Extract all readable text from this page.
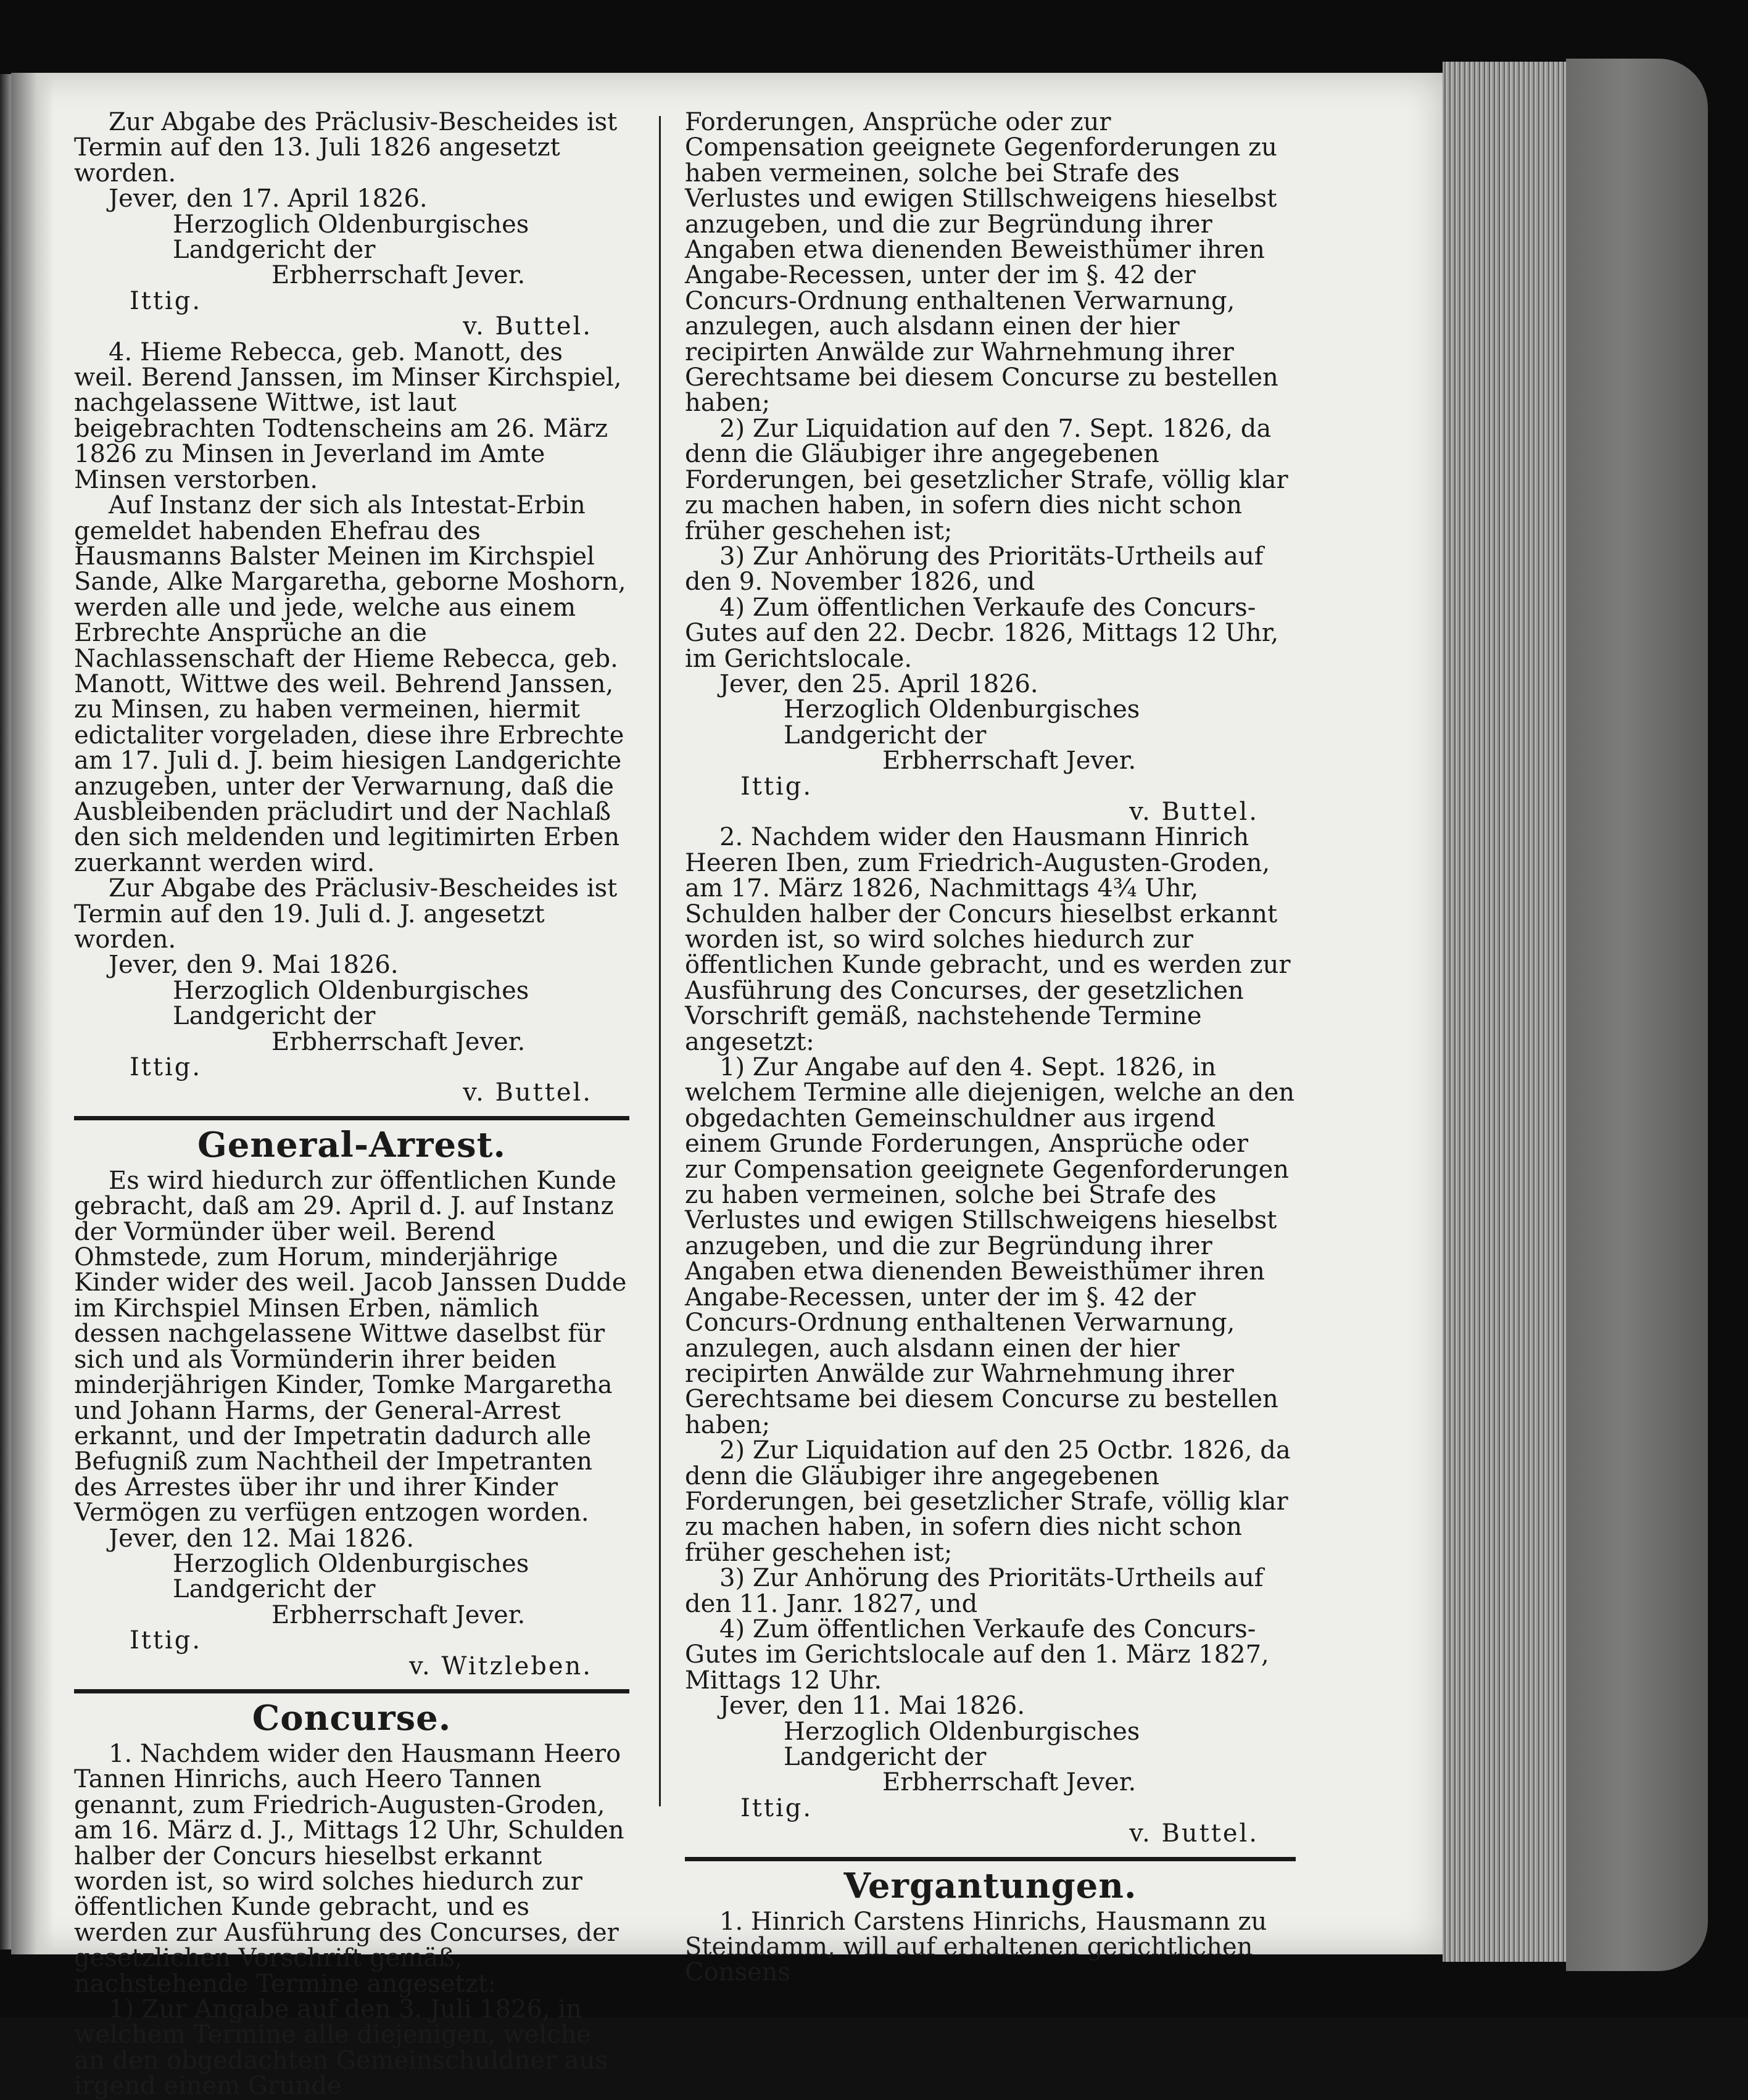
Zur Abgabe des Präclusiv-Bescheides ist Termin auf den 13. Juli 1826 angesetzt worden.

Jever, den 17. April 1826.

Herzoglich Oldenburgisches Landgericht der

Erbherrschaft Jever.

Ittig.

v. Buttel.

4. Hieme Rebecca, geb. Manott, des weil. Berend Janssen, im Minser Kirchspiel, nachgelassene Wittwe, ist laut beigebrachten Todtenscheins am 26. März 1826 zu Minsen in Jeverland im Amte Minsen verstorben.

Auf Instanz der sich als Intestat-Erbin gemeldet habenden Ehefrau des Hausmanns Balster Meinen im Kirchspiel Sande, Alke Margaretha, geborne Moshorn, werden alle und jede, welche aus einem Erbrechte Ansprüche an die Nachlassenschaft der Hieme Rebecca, geb. Manott, Wittwe des weil. Behrend Janssen, zu Minsen, zu haben vermeinen, hiermit edictaliter vorgeladen, diese ihre Erbrechte am 17. Juli d. J. beim hiesigen Landgerichte anzugeben, unter der Verwarnung, daß die Ausbleibenden präcludirt und der Nachlaß den sich meldenden und legitimirten Erben zuerkannt werden wird.

Zur Abgabe des Präclusiv-Bescheides ist Termin auf den 19. Juli d. J. angesetzt worden.

Jever, den 9. Mai 1826.

Herzoglich Oldenburgisches Landgericht der

Erbherrschaft Jever.

Ittig.

v. Buttel.

General-Arrest.

Es wird hiedurch zur öffentlichen Kunde gebracht, daß am 29. April d. J. auf Instanz der Vormünder über weil. Berend Ohmstede, zum Horum, minderjährige Kinder wider des weil. Jacob Janssen Dudde im Kirchspiel Minsen Erben, nämlich dessen nachgelassene Wittwe daselbst für sich und als Vormünderin ihrer beiden minderjährigen Kinder, Tomke Margaretha und Johann Harms, der General-Arrest erkannt, und der Impetratin dadurch alle Befugniß zum Nachtheil der Impetranten des Arrestes über ihr und ihrer Kinder Vermögen zu verfügen entzogen worden.

Jever, den 12. Mai 1826.

Herzoglich Oldenburgisches Landgericht der

Erbherrschaft Jever.

Ittig.

v. Witzleben.

Concurse.

1. Nachdem wider den Hausmann Heero Tannen Hinrichs, auch Heero Tannen genannt, zum Friedrich-Augusten-Groden, am 16. März d. J., Mittags 12 Uhr, Schulden halber der Concurs hieselbst erkannt worden ist, so wird solches hiedurch zur öffentlichen Kunde gebracht, und es werden zur Ausführung des Concurses, der gesetzlichen Vorschrift gemäß, nachstehende Termine angesetzt:

1) Zur Angabe auf den 3. Juli 1826, in welchem Termine alle diejenigen, welche an den obgedachten Gemeinschuldner aus irgend einem Grunde

Forderungen, Ansprüche oder zur Compensation geeignete Gegenforderungen zu haben vermeinen, solche bei Strafe des Verlustes und ewigen Stillschweigens hieselbst anzugeben, und die zur Begründung ihrer Angaben etwa dienenden Beweisthümer ihren Angabe-Recessen, unter der im §. 42 der Concurs-Ordnung enthaltenen Verwarnung, anzulegen, auch alsdann einen der hier recipirten Anwälde zur Wahrnehmung ihrer Gerechtsame bei diesem Concurse zu bestellen haben;

2) Zur Liquidation auf den 7. Sept. 1826, da denn die Gläubiger ihre angegebenen Forderungen, bei gesetzlicher Strafe, völlig klar zu machen haben, in sofern dies nicht schon früher geschehen ist;

3) Zur Anhörung des Prioritäts-Urtheils auf den 9. November 1826, und

4) Zum öffentlichen Verkaufe des Concurs-Gutes auf den 22. Decbr. 1826, Mittags 12 Uhr, im Gerichtslocale.

Jever, den 25. April 1826.

Herzoglich Oldenburgisches Landgericht der

Erbherrschaft Jever.

Ittig.

v. Buttel.

2. Nachdem wider den Hausmann Hinrich Heeren Iben, zum Friedrich-Augusten-Groden, am 17. März 1826, Nachmittags 4¾ Uhr, Schulden halber der Concurs hieselbst erkannt worden ist, so wird solches hiedurch zur öffentlichen Kunde gebracht, und es werden zur Ausführung des Concurses, der gesetzlichen Vorschrift gemäß, nachstehende Termine angesetzt:

1) Zur Angabe auf den 4. Sept. 1826, in welchem Termine alle diejenigen, welche an den obgedachten Gemeinschuldner aus irgend einem Grunde Forderungen, Ansprüche oder zur Compensation geeignete Gegenforderungen zu haben vermeinen, solche bei Strafe des Verlustes und ewigen Stillschweigens hieselbst anzugeben, und die zur Begründung ihrer Angaben etwa dienenden Beweisthümer ihren Angabe-Recessen, unter der im §. 42 der Concurs-Ordnung enthaltenen Verwarnung, anzulegen, auch alsdann einen der hier recipirten Anwälde zur Wahrnehmung ihrer Gerechtsame bei diesem Concurse zu bestellen haben;

2) Zur Liquidation auf den 25 Octbr. 1826, da denn die Gläubiger ihre angegebenen Forderungen, bei gesetzlicher Strafe, völlig klar zu machen haben, in sofern dies nicht schon früher geschehen ist;

3) Zur Anhörung des Prioritäts-Urtheils auf den 11. Janr. 1827, und

4) Zum öffentlichen Verkaufe des Concurs-Gutes im Gerichtslocale auf den 1. März 1827, Mittags 12 Uhr.

Jever, den 11. Mai 1826.

Herzoglich Oldenburgisches Landgericht der

Erbherrschaft Jever.

Ittig.

v. Buttel.

Vergantungen.

1. Hinrich Carstens Hinrichs, Hausmann zu Steindamm, will auf erhaltenen gerichtlichen Consens
